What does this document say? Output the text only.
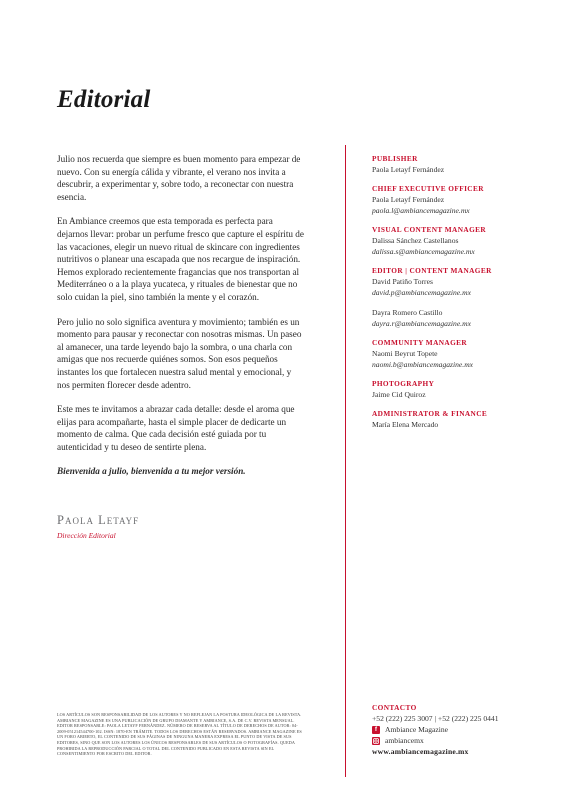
Editorial

Julio nos recuerda que siempre es buen momento para empezar de nuevo. Con su energía cálida y vibrante, el verano nos invita a descubrir, a experimentar y, sobre todo, a reconectar con nuestra esencia.

En Ambiance creemos que esta temporada es perfecta para dejarnos llevar: probar un perfume fresco que capture el espíritu de las vacaciones, elegir un nuevo ritual de skincare con ingredientes nutritivos o planear una escapada que nos recargue de inspiración. Hemos explorado recientemente fragancias que nos transportan al Mediterráneo o a la playa yucateca, y rituales de bienestar que no solo cuidan la piel, sino también la mente y el corazón.

Pero julio no solo significa aventura y movimiento; también es un momento para pausar y reconectar con nosotras mismas. Un paseo al amanecer, una tarde leyendo bajo la sombra, o una charla con amigas que nos recuerde quiénes somos. Son esos pequeños instantes los que fortalecen nuestra salud mental y emocional, y nos permiten florecer desde adentro.

Este mes te invitamos a abrazar cada detalle: desde el aroma que elijas para acompañarte, hasta el simple placer de dedicarte un momento de calma. Que cada decisión esté guiada por tu autenticidad y tu deseo de sentirte plena.

Bienvenida a julio, bienvenida a tu mejor versión.

Paola Letayf
Dirección Editorial
PUBLISHER
Paola Letayf Fernández
CHIEF EXECUTIVE OFFICER
Paola Letayf Fernández
paola.l@ambiancemagazine.mx
VISUAL CONTENT MANAGER
Dalissa Sánchez Castellanos
dalissa.s@ambiancemagazine.mx
EDITOR | CONTENT MANAGER
David Patiño Torres
david.p@ambiancemagazine.mx
Dayra Romero Castillo
dayra.r@ambiancemagazine.mx
COMMUNITY MANAGER
Naomi Beyrut Topete
naomi.b@ambiancemagazine.mx
PHOTOGRAPHY
Jaime Cid Quiroz
ADMINISTRATOR & FINANCE
María Elena Mercado
LOS ARTÍCULOS SON RESPONSABILIDAD DE LOS AUTORES Y NO REFLEJAN LA POSTURA IDEOLÓGICA DE LA REVISTA. AMBIANCE MAGAZINE ES UNA PUBLICACIÓN DE GRUPO DIAMANTE Y AMBIANCE, S.A. DE C.V. REVISTA MENSUAL. EDITOR RESPONSABLE: PAOLA LETAYF FERNÁNDEZ. NÚMERO DE RESERVA AL TÍTULO DE DERECHOS DE AUTOR: 04-2009-051214544700-102. ISSN: 1870-EN TRÁMITE. TODOS LOS DERECHOS ESTÁN RESERVADOS. AMBIANCE MAGAZINE ES UN FORO ABIERTO, EL CONTENIDO DE SUS PÁGINAS DE NINGUNA MANERA EXPRESA EL PUNTO DE VISTA DE SUS EDITORES, SINO QUE SON LOS AUTORES LOS ÚNICOS RESPONSABLES DE SUS ARTÍCULOS O FOTOGRAFÍAS. QUEDA PROHIBIDA LA REPRODUCCIÓN PARCIAL O TOTAL DEL CONTENIDO PUBLICADO EN ESTA REVISTA SIN EL CONSENTIMIENTO POR ESCRITO DEL EDITOR.
CONTACTO
+52 (222) 225 3007 | +52 (222) 225 0441
f	Ambiance Magazine
ambiancemx
www.ambiancemagazine.mx
